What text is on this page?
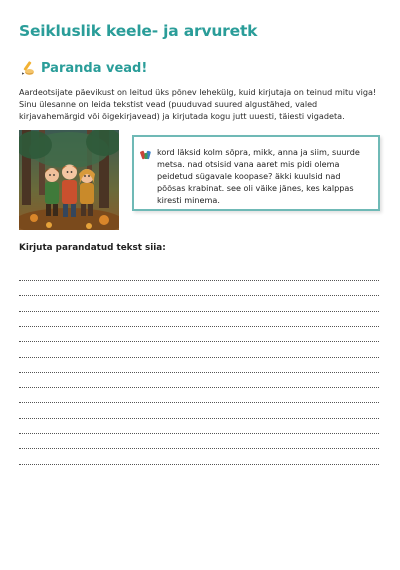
Seikluslik keele- ja arvuretk
Paranda vead!
Aardeotsijate päevikust on leitud üks põnev lehekülg, kuid kirjutaja on teinud mitu viga! Sinu ülesanne on leida tekstist vead (puuduvad suured algustähed, valed kirjavahemärgid või õigekirjavead) ja kirjutada kogu jutt uuesti, täiesti vigadeta.
kord läksid kolm sõpra, mikk, anna ja siim, suurde metsa. nad otsisid vana aaret mis pidi olema peidetud sügavale koopase? äkki kuulsid nad põõsas krabinat. see oli väike jänes, kes kalppas kiresti minema.
Kirjuta parandatud tekst siia:
